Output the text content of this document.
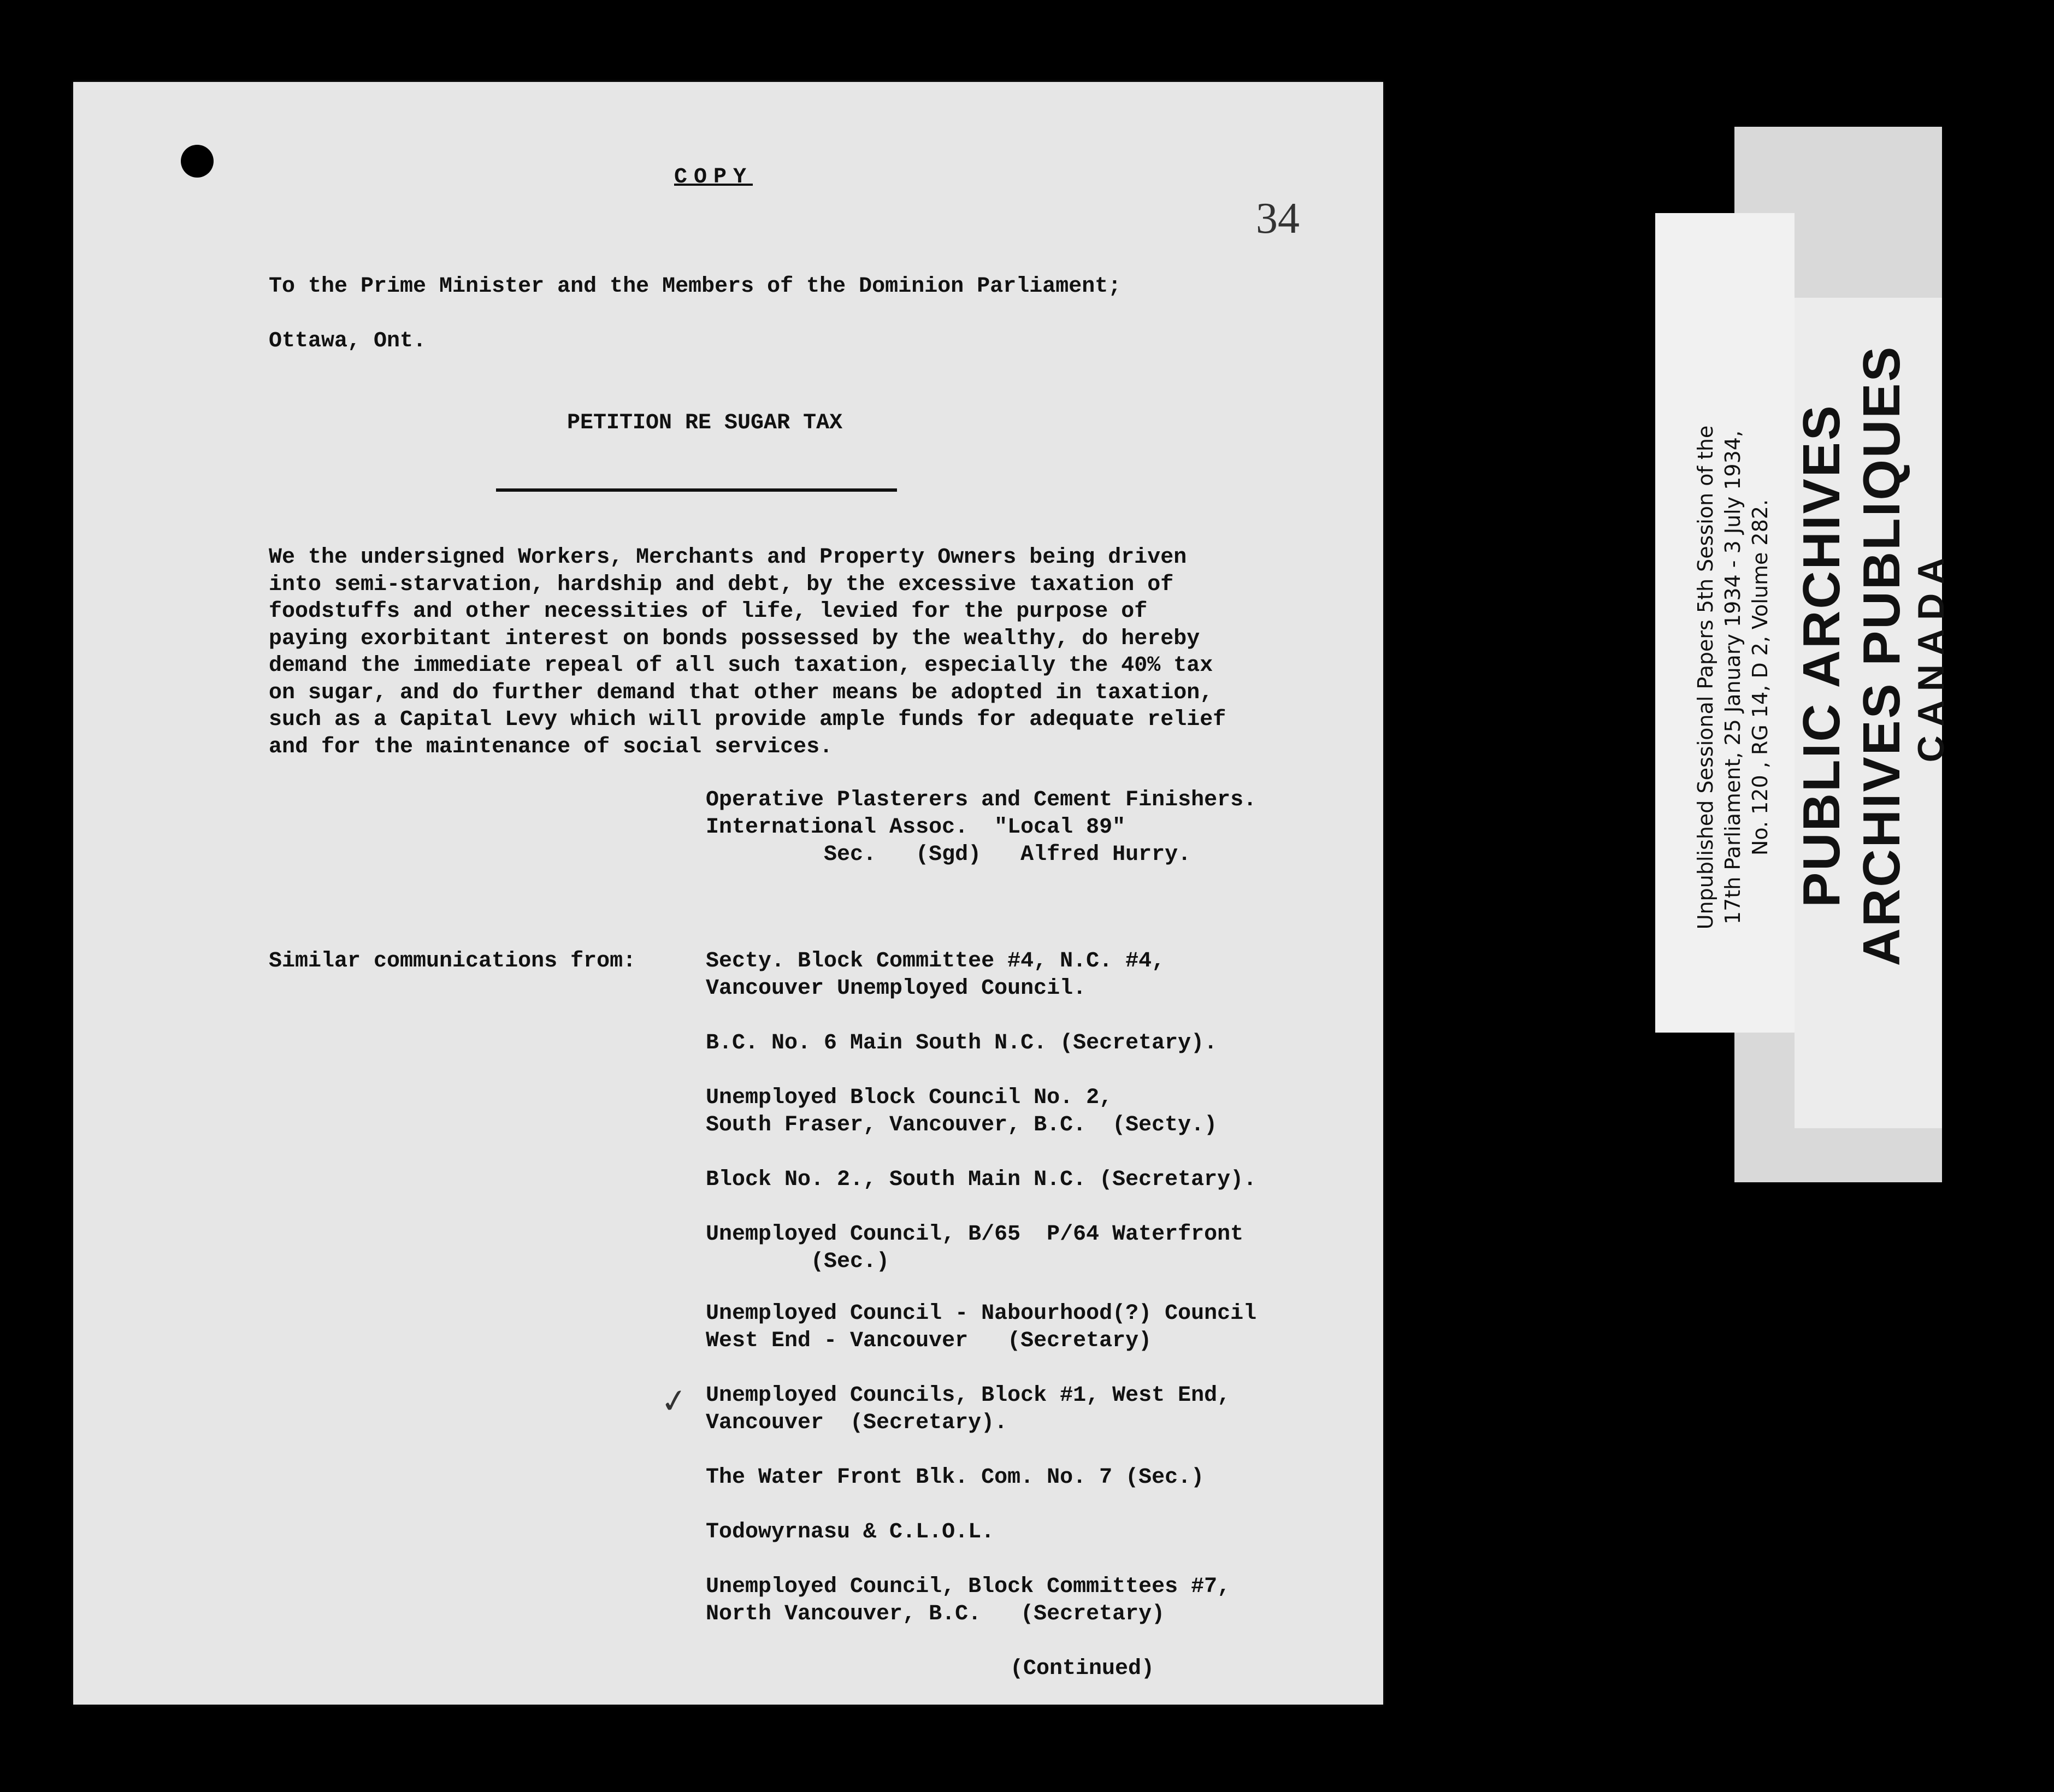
COPY
34
To the Prime Minister and the Members of the Dominion Parliament;
Ottawa, Ont.
PETITION RE SUGAR TAX
We the undersigned Workers, Merchants and Property Owners being driven
into semi-starvation, hardship and debt, by the excessive taxation of
foodstuffs and other necessities of life, levied for the purpose of
paying exorbitant interest on bonds possessed by the wealthy, do hereby
demand the immediate repeal of all such taxation, especially the 40% tax
on sugar, and do further demand that other means be adopted in taxation,
such as a Capital Levy which will provide ample funds for adequate relief
and for the maintenance of social services.
Operative Plasterers and Cement Finishers.
International Assoc.  "Local 89"
Sec.   (Sgd)   Alfred Hurry.
Similar communications from:	Secty. Block Committee #4, N.C. #4,
Vancouver Unemployed Council.
B.C. No. 6 Main South N.C. (Secretary).
Unemployed Block Council No. 2,
South Fraser, Vancouver, B.C.  (Secty.)
Block No. 2., South Main N.C. (Secretary).
Unemployed Council, B/65  P/64 Waterfront
(Sec.)
Unemployed Council - Nabourhood(?) Council
West End - Vancouver   (Secretary)
✓ Unemployed Councils, Block #1, West End,
Vancouver  (Secretary).
The Water Front Blk. Com. No. 7 (Sec.)
Todowyrnasu & C.L.O.L.
Unemployed Council, Block Committees #7,
North Vancouver, B.C.   (Secretary)
(Continued)
Unpublished Sessional Papers 5th Session of the 17th Parliament, 25 January 1934 - 3 July 1934, No. 120 , RG 14, D 2, Volume 282. PUBLIC ARCHIVES ARCHIVES PUBLIQUES CANADA
